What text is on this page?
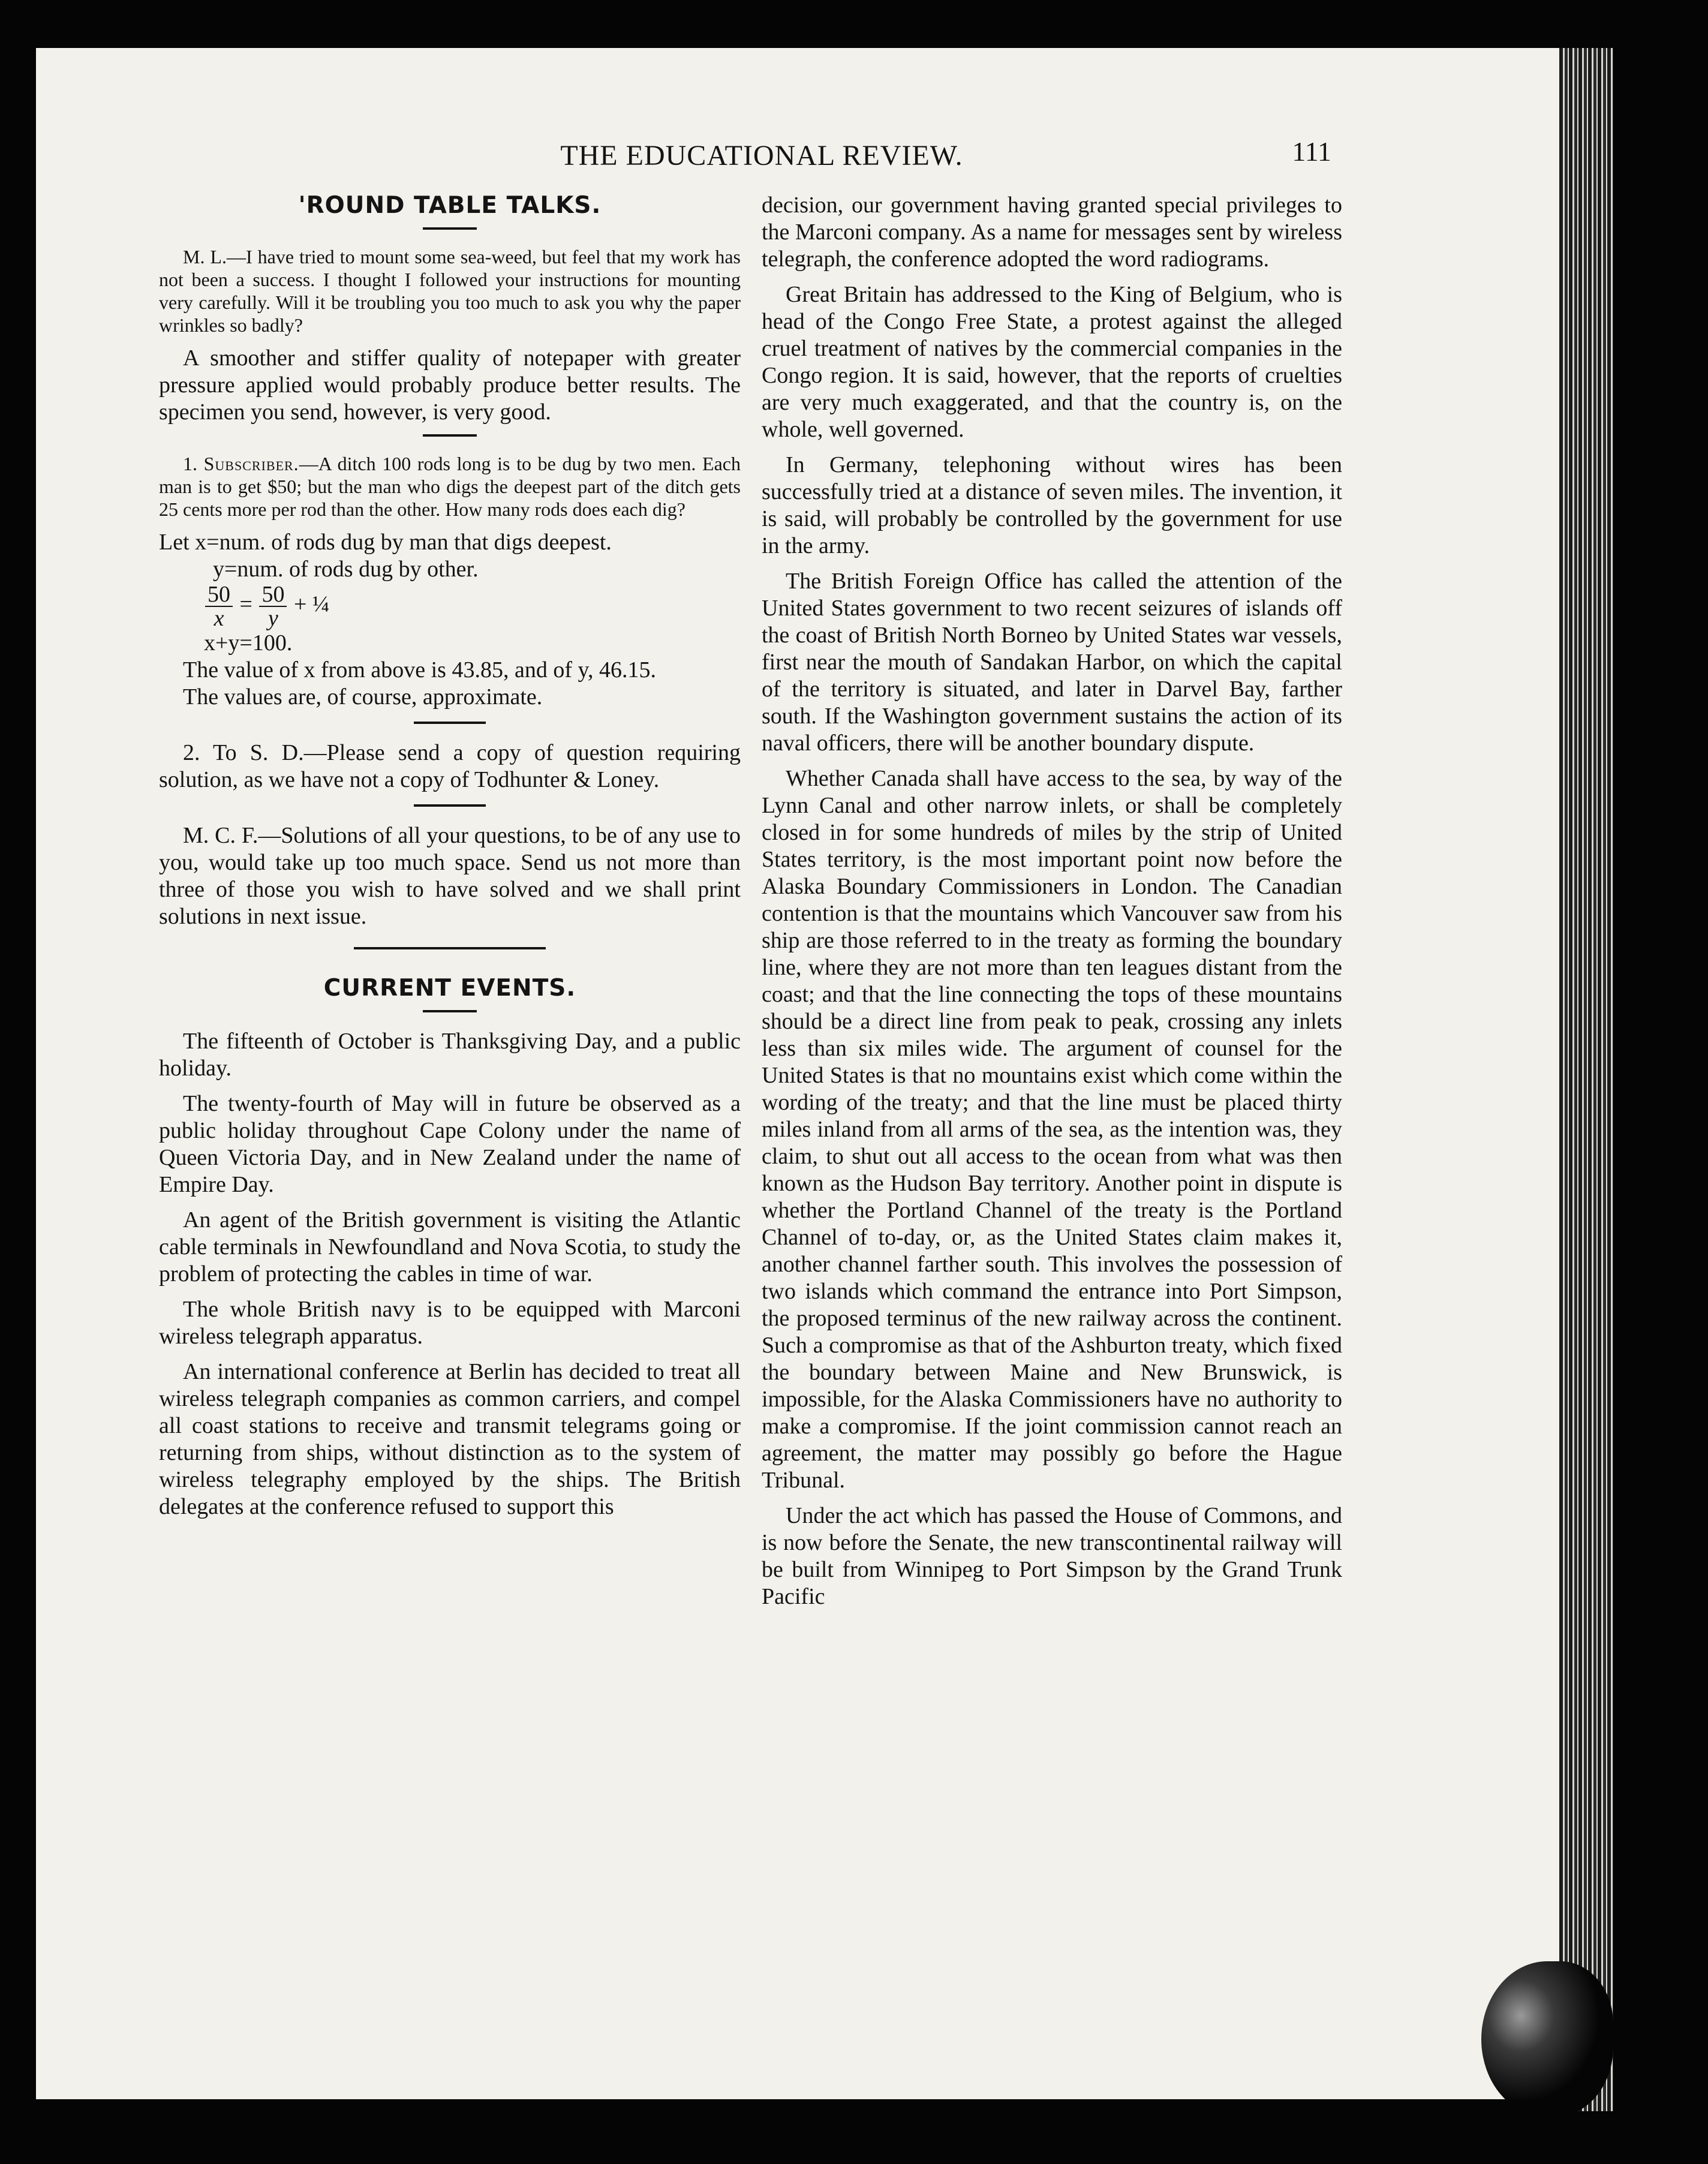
THE EDUCATIONAL REVIEW.	111

'ROUND TABLE TALKS.

M. L.—I have tried to mount some sea-weed, but feel that my work has not been a success. I thought I followed your instructions for mounting very carefully. Will it be troubling you too much to ask you why the paper wrinkles so badly?

A smoother and stiffer quality of notepaper with greater pressure applied would probably produce better results. The specimen you send, however, is very good.

1. Subscriber.—A ditch 100 rods long is to be dug by two men. Each man is to get $50; but the man who digs the deepest part of the ditch gets 25 cents more per rod than the other. How many rods does each dig?

Let x=num. of rods dug by man that digs deepest.
y=num. of rods dug by other.
$\frac{50}{x} = \frac{50}{y}$ + ¼
x+y=100.

The value of x from above is 43.85, and of y, 46.15.

The values are, of course, approximate.

2. To S. D.—Please send a copy of question requiring solution, as we have not a copy of Todhunter & Loney.

M. C. F.—Solutions of all your questions, to be of any use to you, would take up too much space. Send us not more than three of those you wish to have solved and we shall print solutions in next issue.

CURRENT EVENTS.

The fifteenth of October is Thanksgiving Day, and a public holiday.

The twenty-fourth of May will in future be observed as a public holiday throughout Cape Colony under the name of Queen Victoria Day, and in New Zealand under the name of Empire Day.

An agent of the British government is visiting the Atlantic cable terminals in Newfoundland and Nova Scotia, to study the problem of protecting the cables in time of war.

The whole British navy is to be equipped with Marconi wireless telegraph apparatus.

An international conference at Berlin has decided to treat all wireless telegraph companies as common carriers, and compel all coast stations to receive and transmit telegrams going or returning from ships, without distinction as to the system of wireless telegraphy employed by the ships. The British delegates at the conference refused to support this

decision, our government having granted special privileges to the Marconi company. As a name for messages sent by wireless telegraph, the conference adopted the word radiograms.

Great Britain has addressed to the King of Belgium, who is head of the Congo Free State, a protest against the alleged cruel treatment of natives by the commercial companies in the Congo region. It is said, however, that the reports of cruelties are very much exaggerated, and that the country is, on the whole, well governed.

In Germany, telephoning without wires has been successfully tried at a distance of seven miles. The invention, it is said, will probably be controlled by the government for use in the army.

The British Foreign Office has called the attention of the United States government to two recent seizures of islands off the coast of British North Borneo by United States war vessels, first near the mouth of Sandakan Harbor, on which the capital of the territory is situated, and later in Darvel Bay, farther south. If the Washington government sustains the action of its naval officers, there will be another boundary dispute.

Whether Canada shall have access to the sea, by way of the Lynn Canal and other narrow inlets, or shall be completely closed in for some hundreds of miles by the strip of United States territory, is the most important point now before the Alaska Boundary Commissioners in London. The Canadian contention is that the mountains which Vancouver saw from his ship are those referred to in the treaty as forming the boundary line, where they are not more than ten leagues distant from the coast; and that the line connecting the tops of these mountains should be a direct line from peak to peak, crossing any inlets less than six miles wide. The argument of counsel for the United States is that no mountains exist which come within the wording of the treaty; and that the line must be placed thirty miles inland from all arms of the sea, as the intention was, they claim, to shut out all access to the ocean from what was then known as the Hudson Bay territory. Another point in dispute is whether the Portland Channel of the treaty is the Portland Channel of to-day, or, as the United States claim makes it, another channel farther south. This involves the possession of two islands which command the entrance into Port Simpson, the proposed terminus of the new railway across the continent. Such a compromise as that of the Ashburton treaty, which fixed the boundary between Maine and New Brunswick, is impossible, for the Alaska Commissioners have no authority to make a compromise. If the joint commission cannot reach an agreement, the matter may possibly go before the Hague Tribunal.

Under the act which has passed the House of Commons, and is now before the Senate, the new transcontinental railway will be built from Winnipeg to Port Simpson by the Grand Trunk Pacific
